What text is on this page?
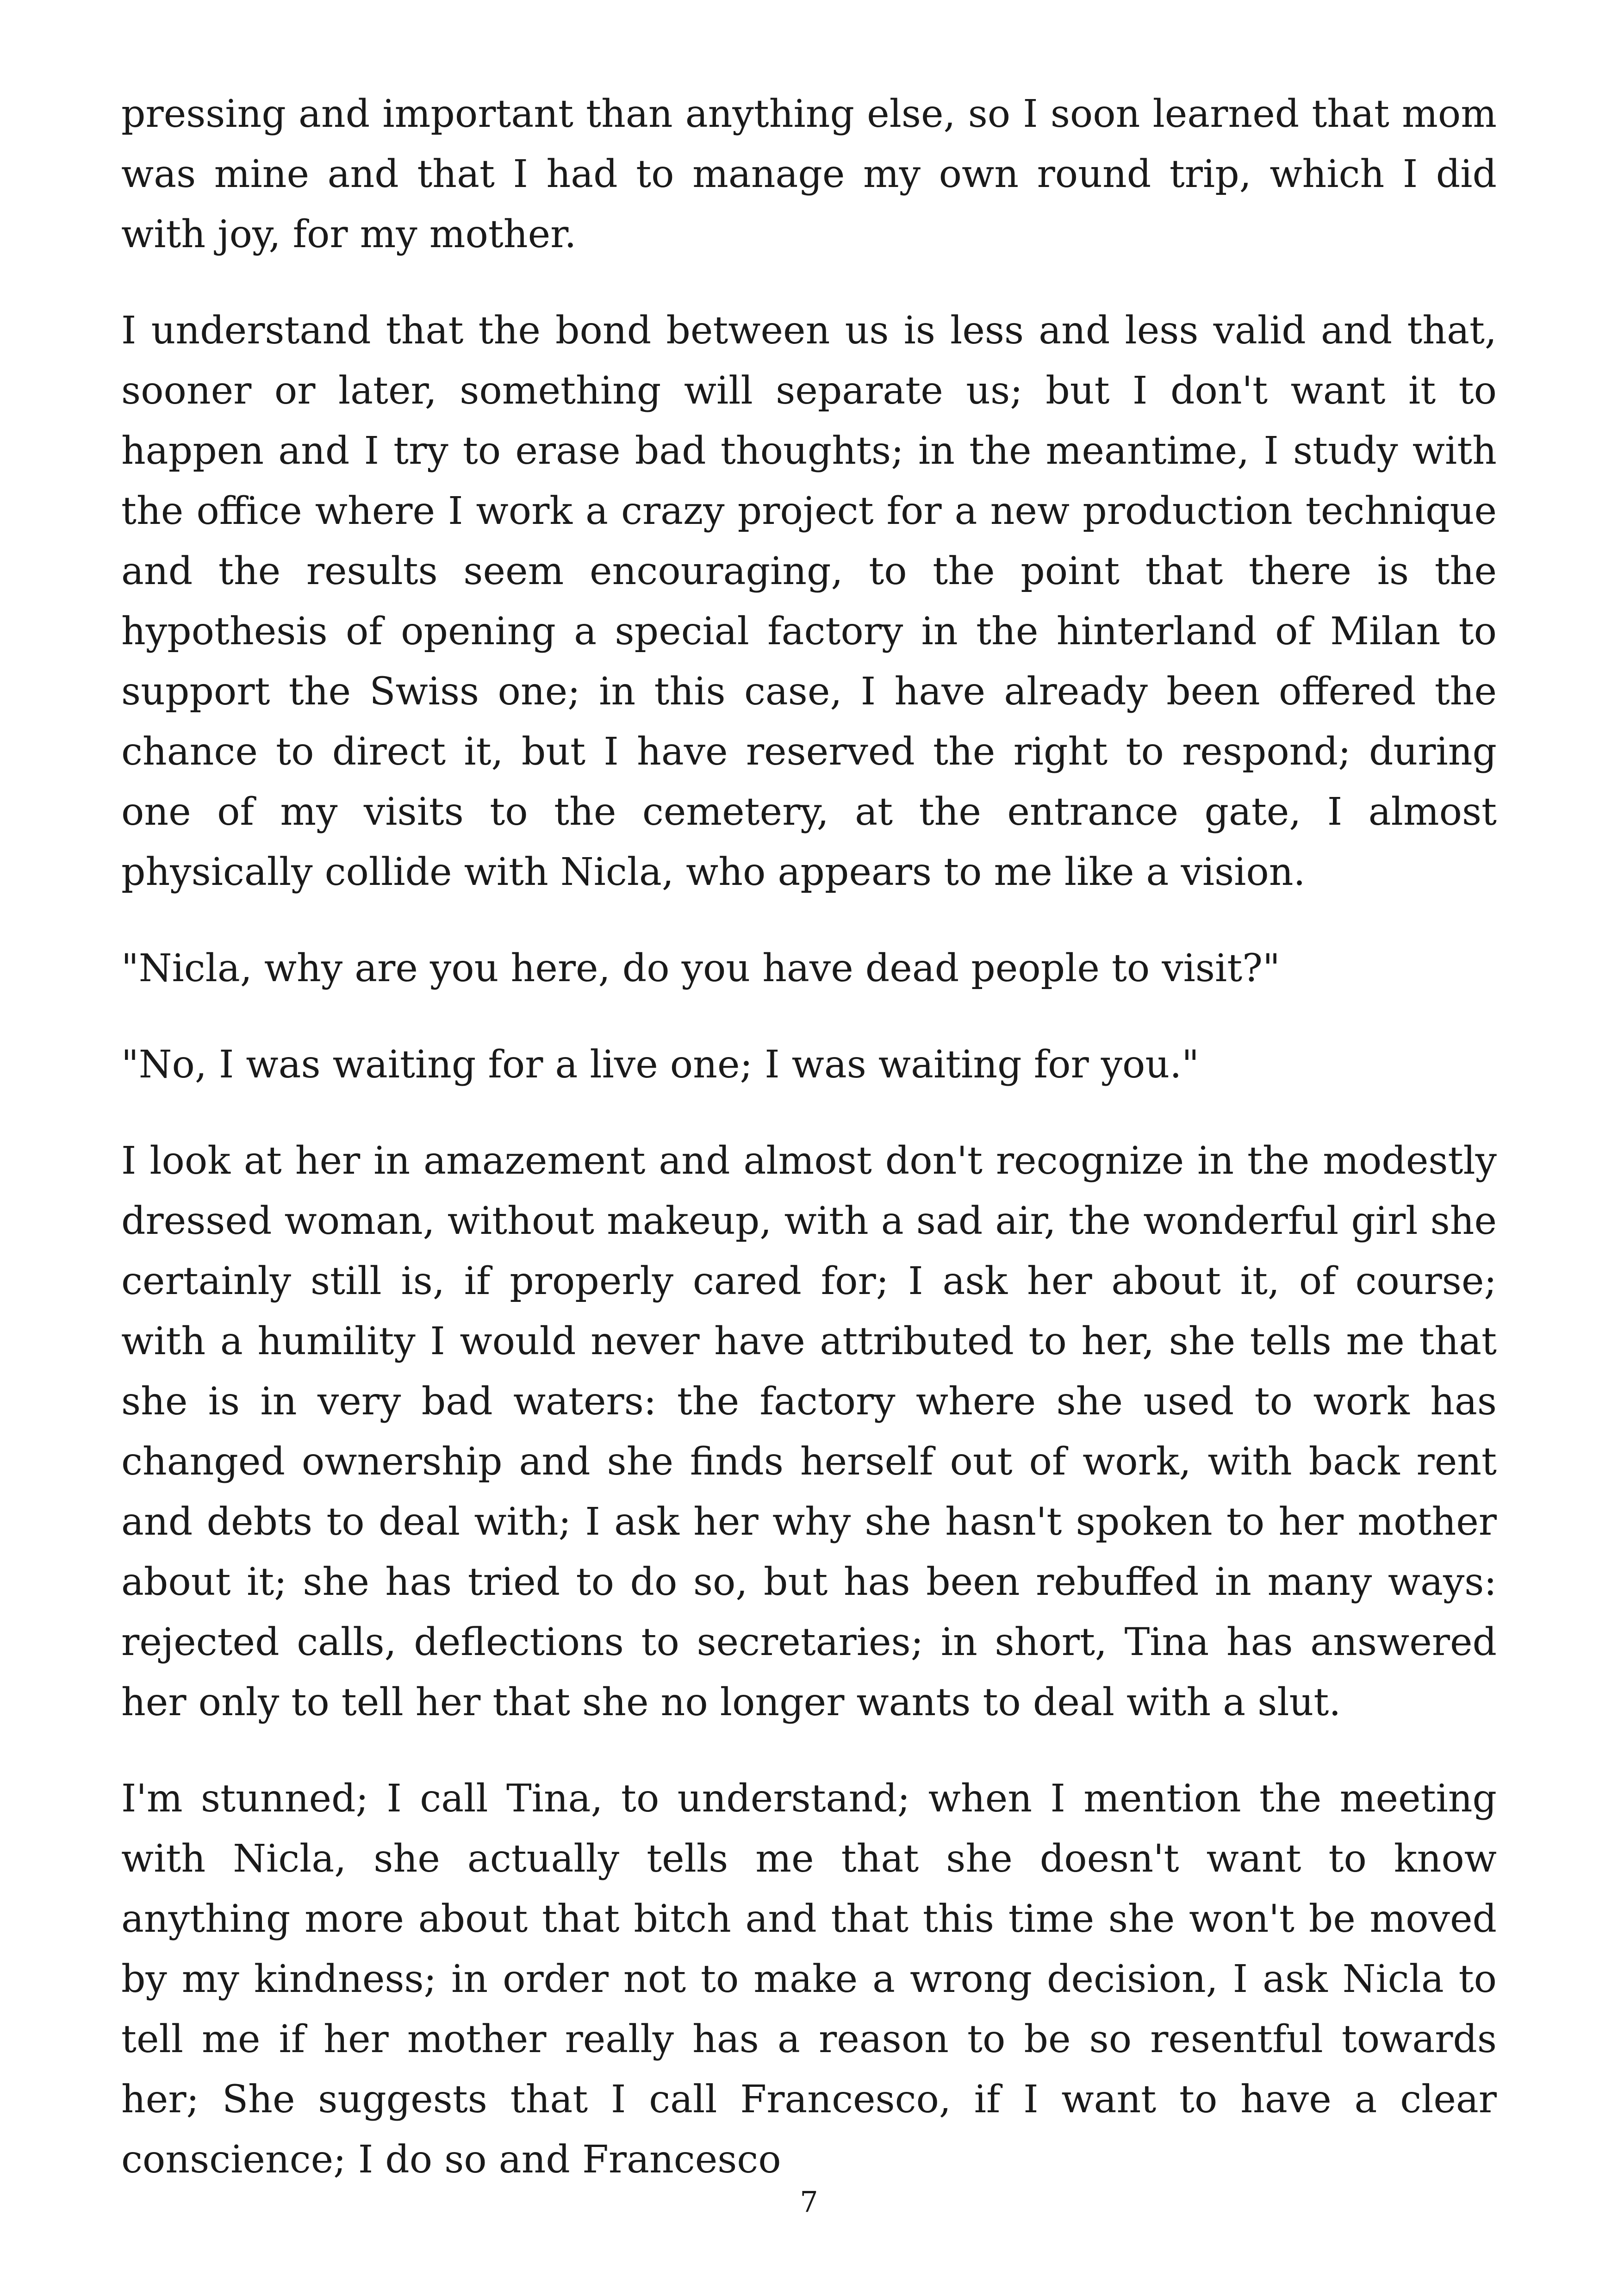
pressing and important than anything else, so I soon learned that mom was mine and that I had to manage my own round trip, which I did with joy, for my mother.

I understand that the bond between us is less and less valid and that, sooner or later, something will separate us; but I don't want it to happen and I try to erase bad thoughts; in the meantime, I study with the office where I work a crazy project for a new production technique and the results seem encouraging, to the point that there is the hypothesis of opening a special factory in the hinterland of Milan to support the Swiss one; in this case, I have already been offered the chance to direct it, but I have reserved the right to respond; during one of my visits to the cemetery, at the entrance gate, I almost physically collide with Nicla, who appears to me like a vision.

"Nicla, why are you here, do you have dead people to visit?"

"No, I was waiting for a live one; I was waiting for you."

I look at her in amazement and almost don't recognize in the modestly dressed woman, without makeup, with a sad air, the wonderful girl she certainly still is, if properly cared for; I ask her about it, of course; with a humility I would never have attributed to her, she tells me that she is in very bad waters: the factory where she used to work has changed ownership and she finds herself out of work, with back rent and debts to deal with; I ask her why she hasn't spoken to her mother about it; she has tried to do so, but has been rebuffed in many ways: rejected calls, deflections to secretaries; in short, Tina has answered her only to tell her that she no longer wants to deal with a slut.

I'm stunned; I call Tina, to understand; when I mention the meeting with Nicla, she actually tells me that she doesn't want to know anything more about that bitch and that this time she won't be moved by my kindness; in order not to make a wrong decision, I ask Nicla to tell me if her mother really has a reason to be so resentful towards her; She suggests that I call Francesco, if I want to have a clear conscience; I do so and Francesco

7
